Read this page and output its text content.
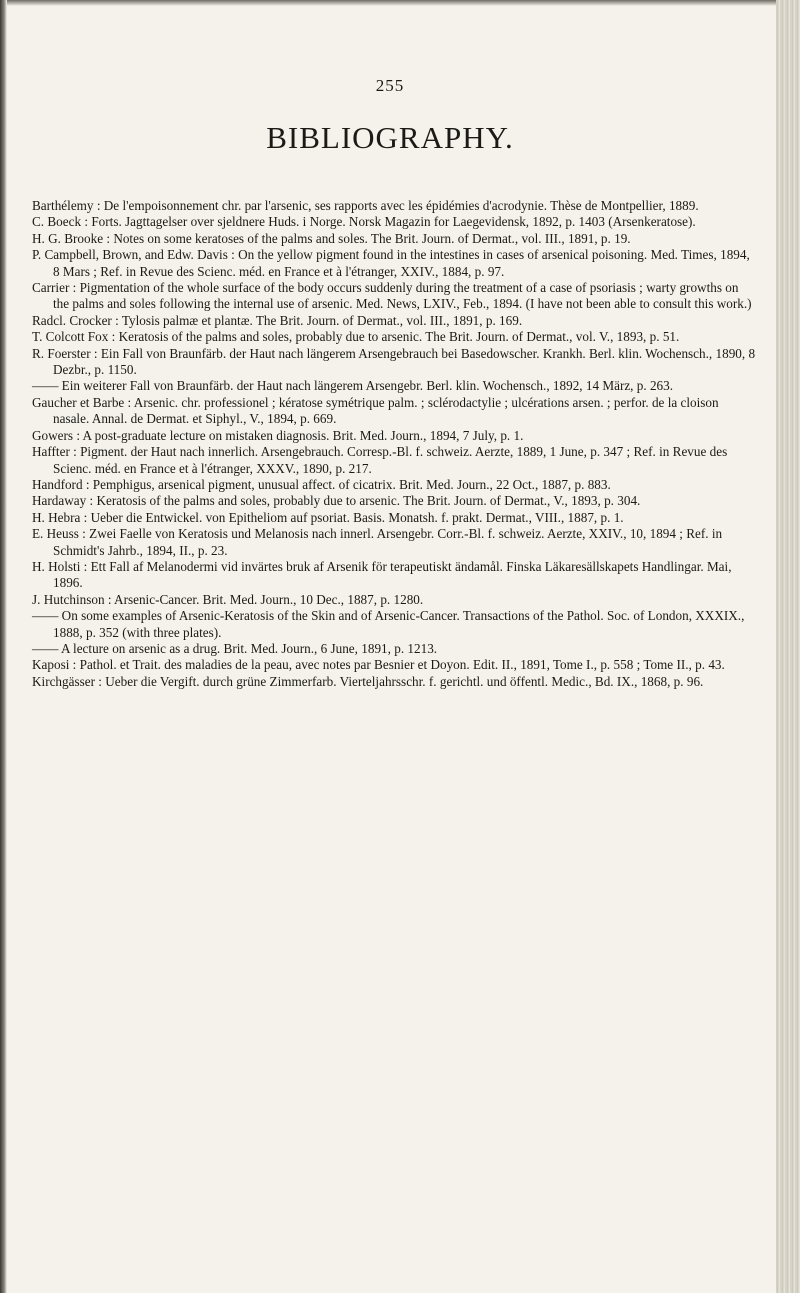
255
BIBLIOGRAPHY.

Barthélemy : De l'empoisonnement chr. par l'arsenic, ses rapports avec les épidémies d'acrodynie. Thèse de Montpellier, 1889.

C. Boeck : Forts. Jagttagelser over sjeldnere Huds. i Norge. Norsk Magazin for Laegevidensk, 1892, p. 1403 (Arsenkeratose).

H. G. Brooke : Notes on some keratoses of the palms and soles. The Brit. Journ. of Dermat., vol. III., 1891, p. 19.

P. Campbell, Brown, and Edw. Davis : On the yellow pigment found in the intestines in cases of arsenical poisoning. Med. Times, 1894, 8 Mars ; Ref. in Revue des Scienc. méd. en France et à l'étranger, XXIV., 1884, p. 97.

Carrier : Pigmentation of the whole surface of the body occurs suddenly during the treatment of a case of psoriasis ; warty growths on the palms and soles following the internal use of arsenic. Med. News, LXIV., Feb., 1894. (I have not been able to consult this work.)

Radcl. Crocker : Tylosis palmæ et plantæ. The Brit. Journ. of Dermat., vol. III., 1891, p. 169.

T. Colcott Fox : Keratosis of the palms and soles, probably due to arsenic. The Brit. Journ. of Dermat., vol. V., 1893, p. 51.

R. Foerster : Ein Fall von Braunfärb. der Haut nach längerem Arsengebrauch bei Basedowscher. Krankh. Berl. klin. Wochensch., 1890, 8 Dezbr., p. 1150.

—— Ein weiterer Fall von Braunfärb. der Haut nach längerem Arsengebr. Berl. klin. Wochensch., 1892, 14 März, p. 263.

Gaucher et Barbe : Arsenic. chr. professionel ; kératose symétrique palm. ; sclérodactylie ; ulcérations arsen. ; perfor. de la cloison nasale. Annal. de Dermat. et Siphyl., V., 1894, p. 669.

Gowers : A post-graduate lecture on mistaken diagnosis. Brit. Med. Journ., 1894, 7 July, p. 1.

Haffter : Pigment. der Haut nach innerlich. Arsengebrauch. Corresp.-Bl. f. schweiz. Aerzte, 1889, 1 June, p. 347 ; Ref. in Revue des Scienc. méd. en France et à l'étranger, XXXV., 1890, p. 217.

Handford : Pemphigus, arsenical pigment, unusual affect. of cicatrix. Brit. Med. Journ., 22 Oct., 1887, p. 883.

Hardaway : Keratosis of the palms and soles, probably due to arsenic. The Brit. Journ. of Dermat., V., 1893, p. 304.

H. Hebra : Ueber die Entwickel. von Epitheliom auf psoriat. Basis. Monatsh. f. prakt. Dermat., VIII., 1887, p. 1.

E. Heuss : Zwei Faelle von Keratosis und Melanosis nach innerl. Arsengebr. Corr.-Bl. f. schweiz. Aerzte, XXIV., 10, 1894 ; Ref. in Schmidt's Jahrb., 1894, II., p. 23.

H. Holsti : Ett Fall af Melanodermi vid invärtes bruk af Arsenik för terapeutiskt ändamål. Finska Läkaresällskapets Handlingar. Mai, 1896.

J. Hutchinson : Arsenic-Cancer. Brit. Med. Journ., 10 Dec., 1887, p. 1280.

—— On some examples of Arsenic-Keratosis of the Skin and of Arsenic-Cancer. Transactions of the Pathol. Soc. of London, XXXIX., 1888, p. 352 (with three plates).

—— A lecture on arsenic as a drug. Brit. Med. Journ., 6 June, 1891, p. 1213.

Kaposi : Pathol. et Trait. des maladies de la peau, avec notes par Besnier et Doyon. Edit. II., 1891, Tome I., p. 558 ; Tome II., p. 43.

Kirchgässer : Ueber die Vergift. durch grüne Zimmerfarb. Vierteljahrsschr. f. gerichtl. und öffentl. Medic., Bd. IX., 1868, p. 96.
